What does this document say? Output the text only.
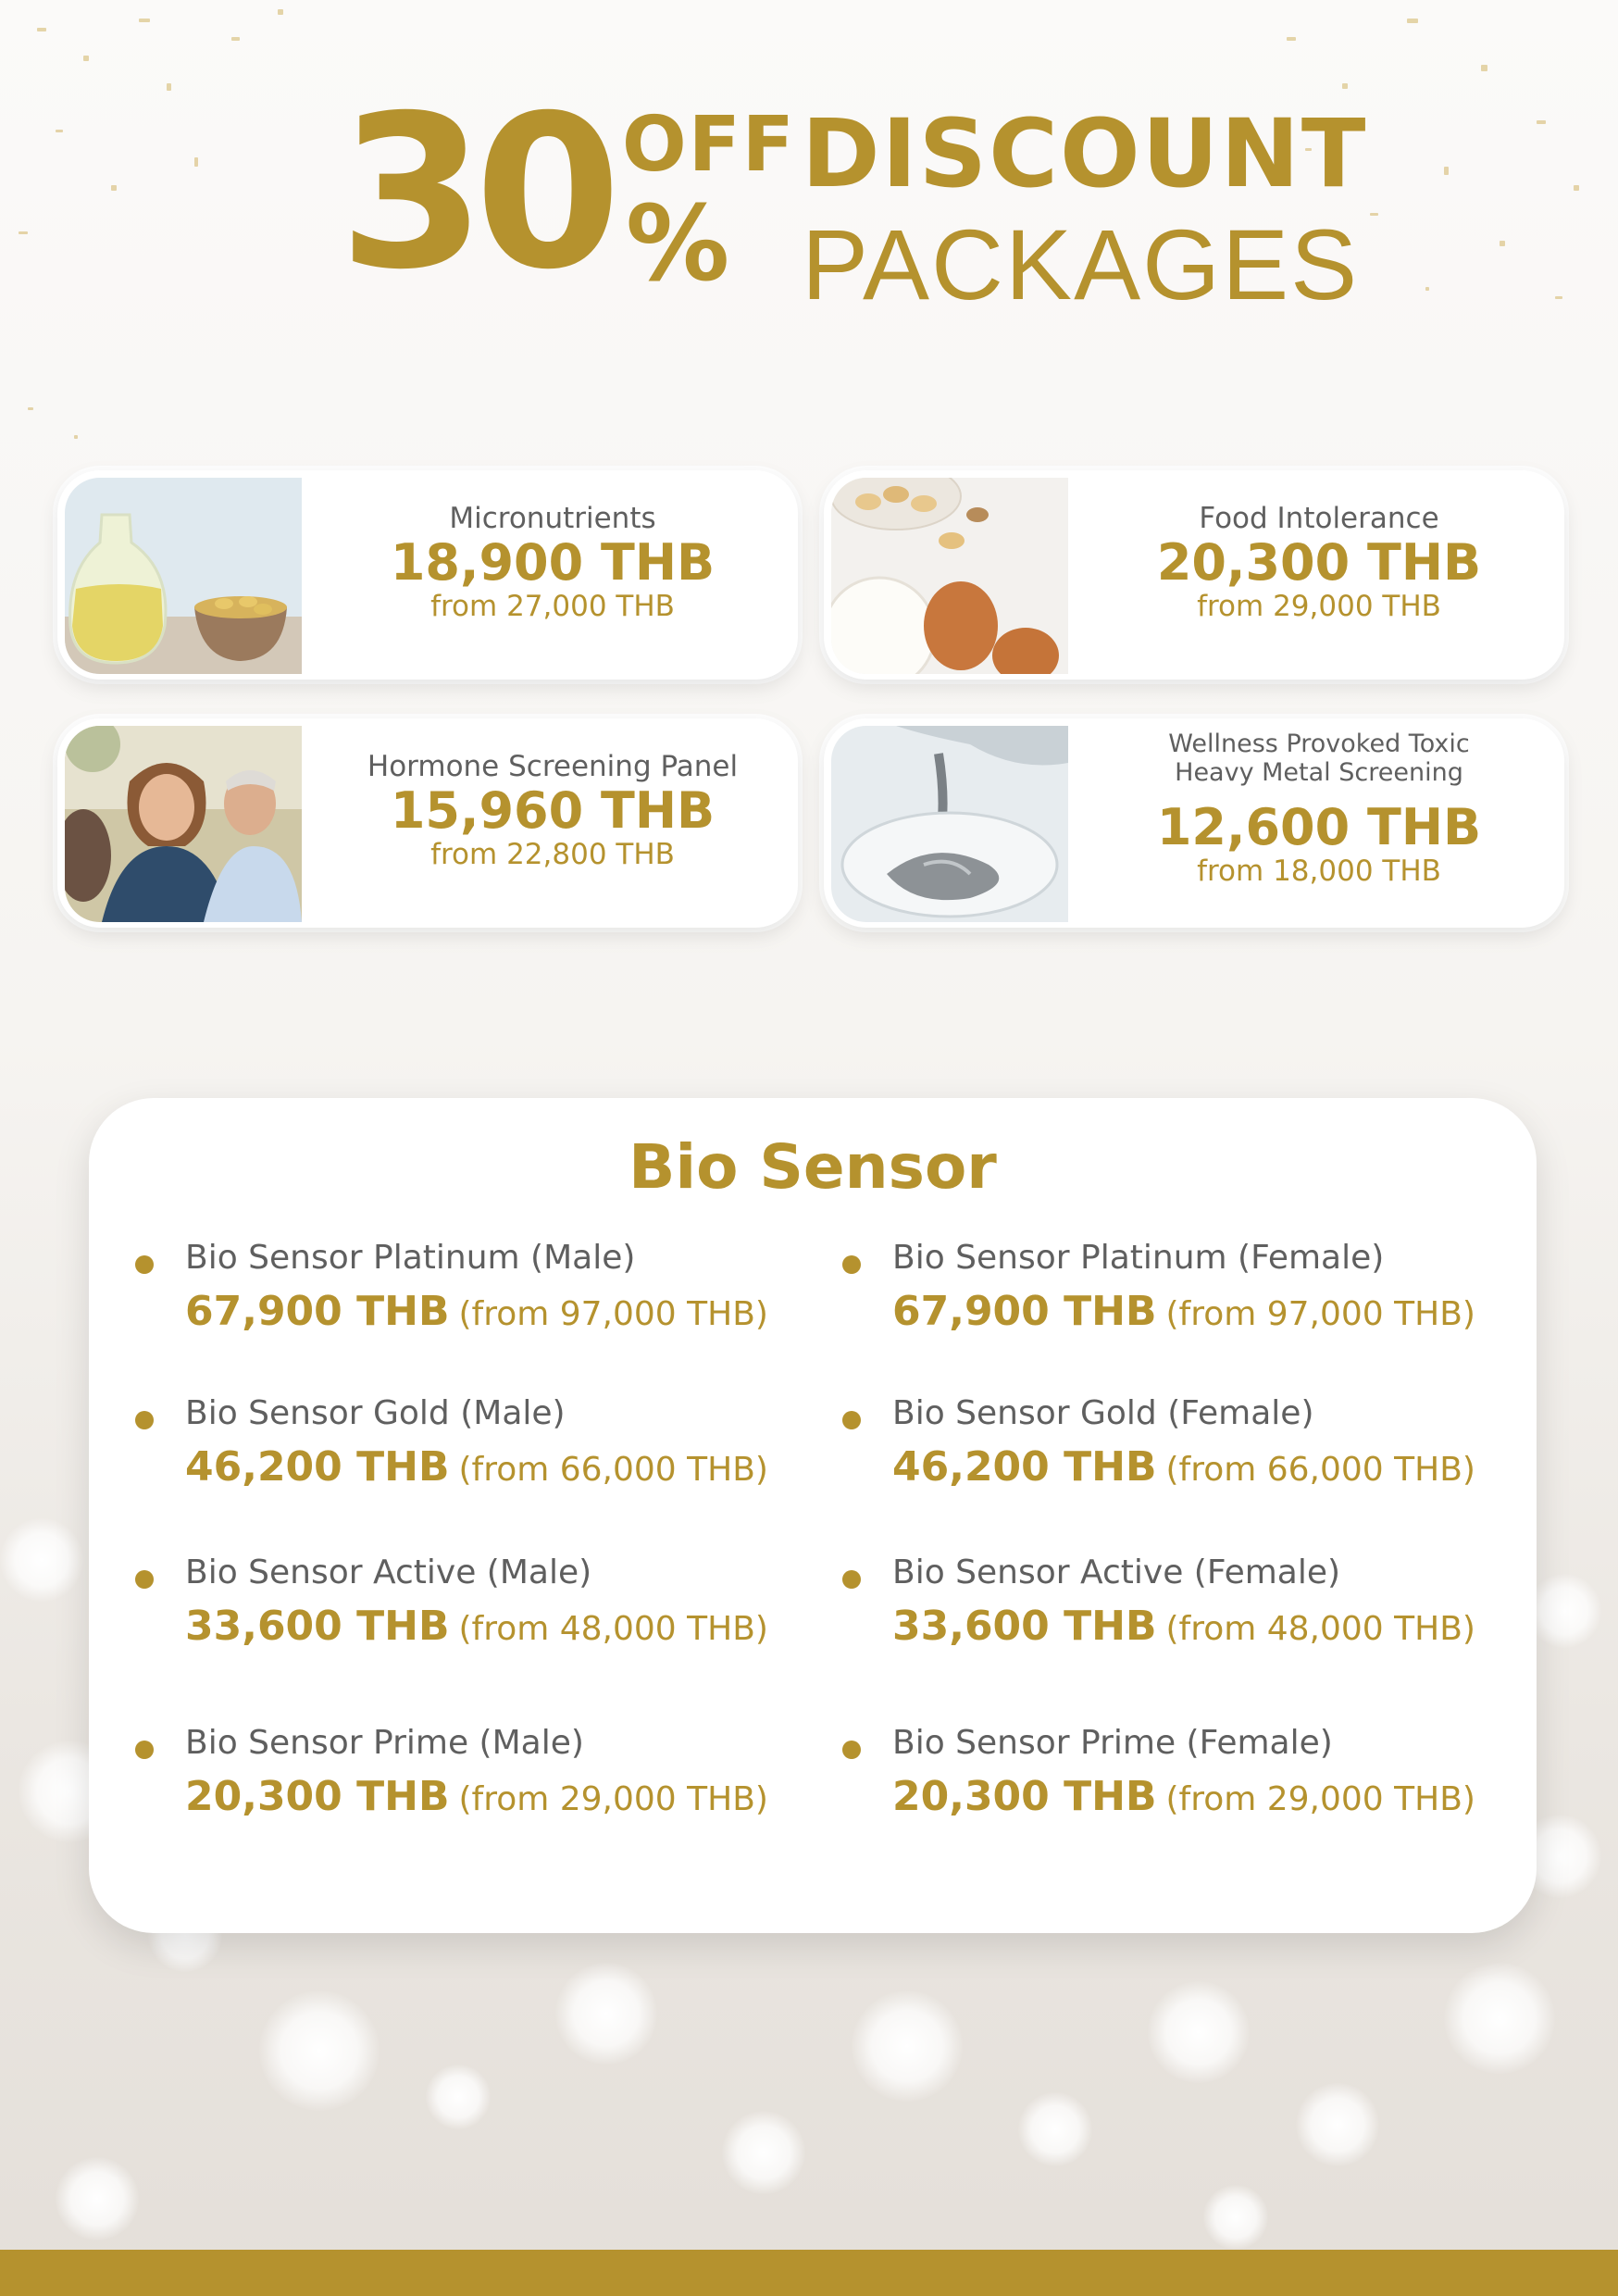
30 OFF
%
DISCOUNT
PACKAGES
Micronutrients
18,900 THB
from 27,000 THB
Food Intolerance
20,300 THB
from 29,000 THB
Hormone Screening Panel
15,960 THB
from 22,800 THB
Wellness Provoked Toxic
Heavy Metal Screening
12,600 THB
from 18,000 THB
Bio Sensor
Bio Sensor Platinum (Male)
67,900 THB (from 97,000 THB)
Bio Sensor Platinum (Female)
67,900 THB (from 97,000 THB)
Bio Sensor Gold (Male)
46,200 THB (from 66,000 THB)
Bio Sensor Gold (Female)
46,200 THB (from 66,000 THB)
Bio Sensor Active (Male)
33,600 THB (from 48,000 THB)
Bio Sensor Active (Female)
33,600 THB (from 48,000 THB)
Bio Sensor Prime (Male)
20,300 THB (from 29,000 THB)
Bio Sensor Prime (Female)
20,300 THB (from 29,000 THB)
